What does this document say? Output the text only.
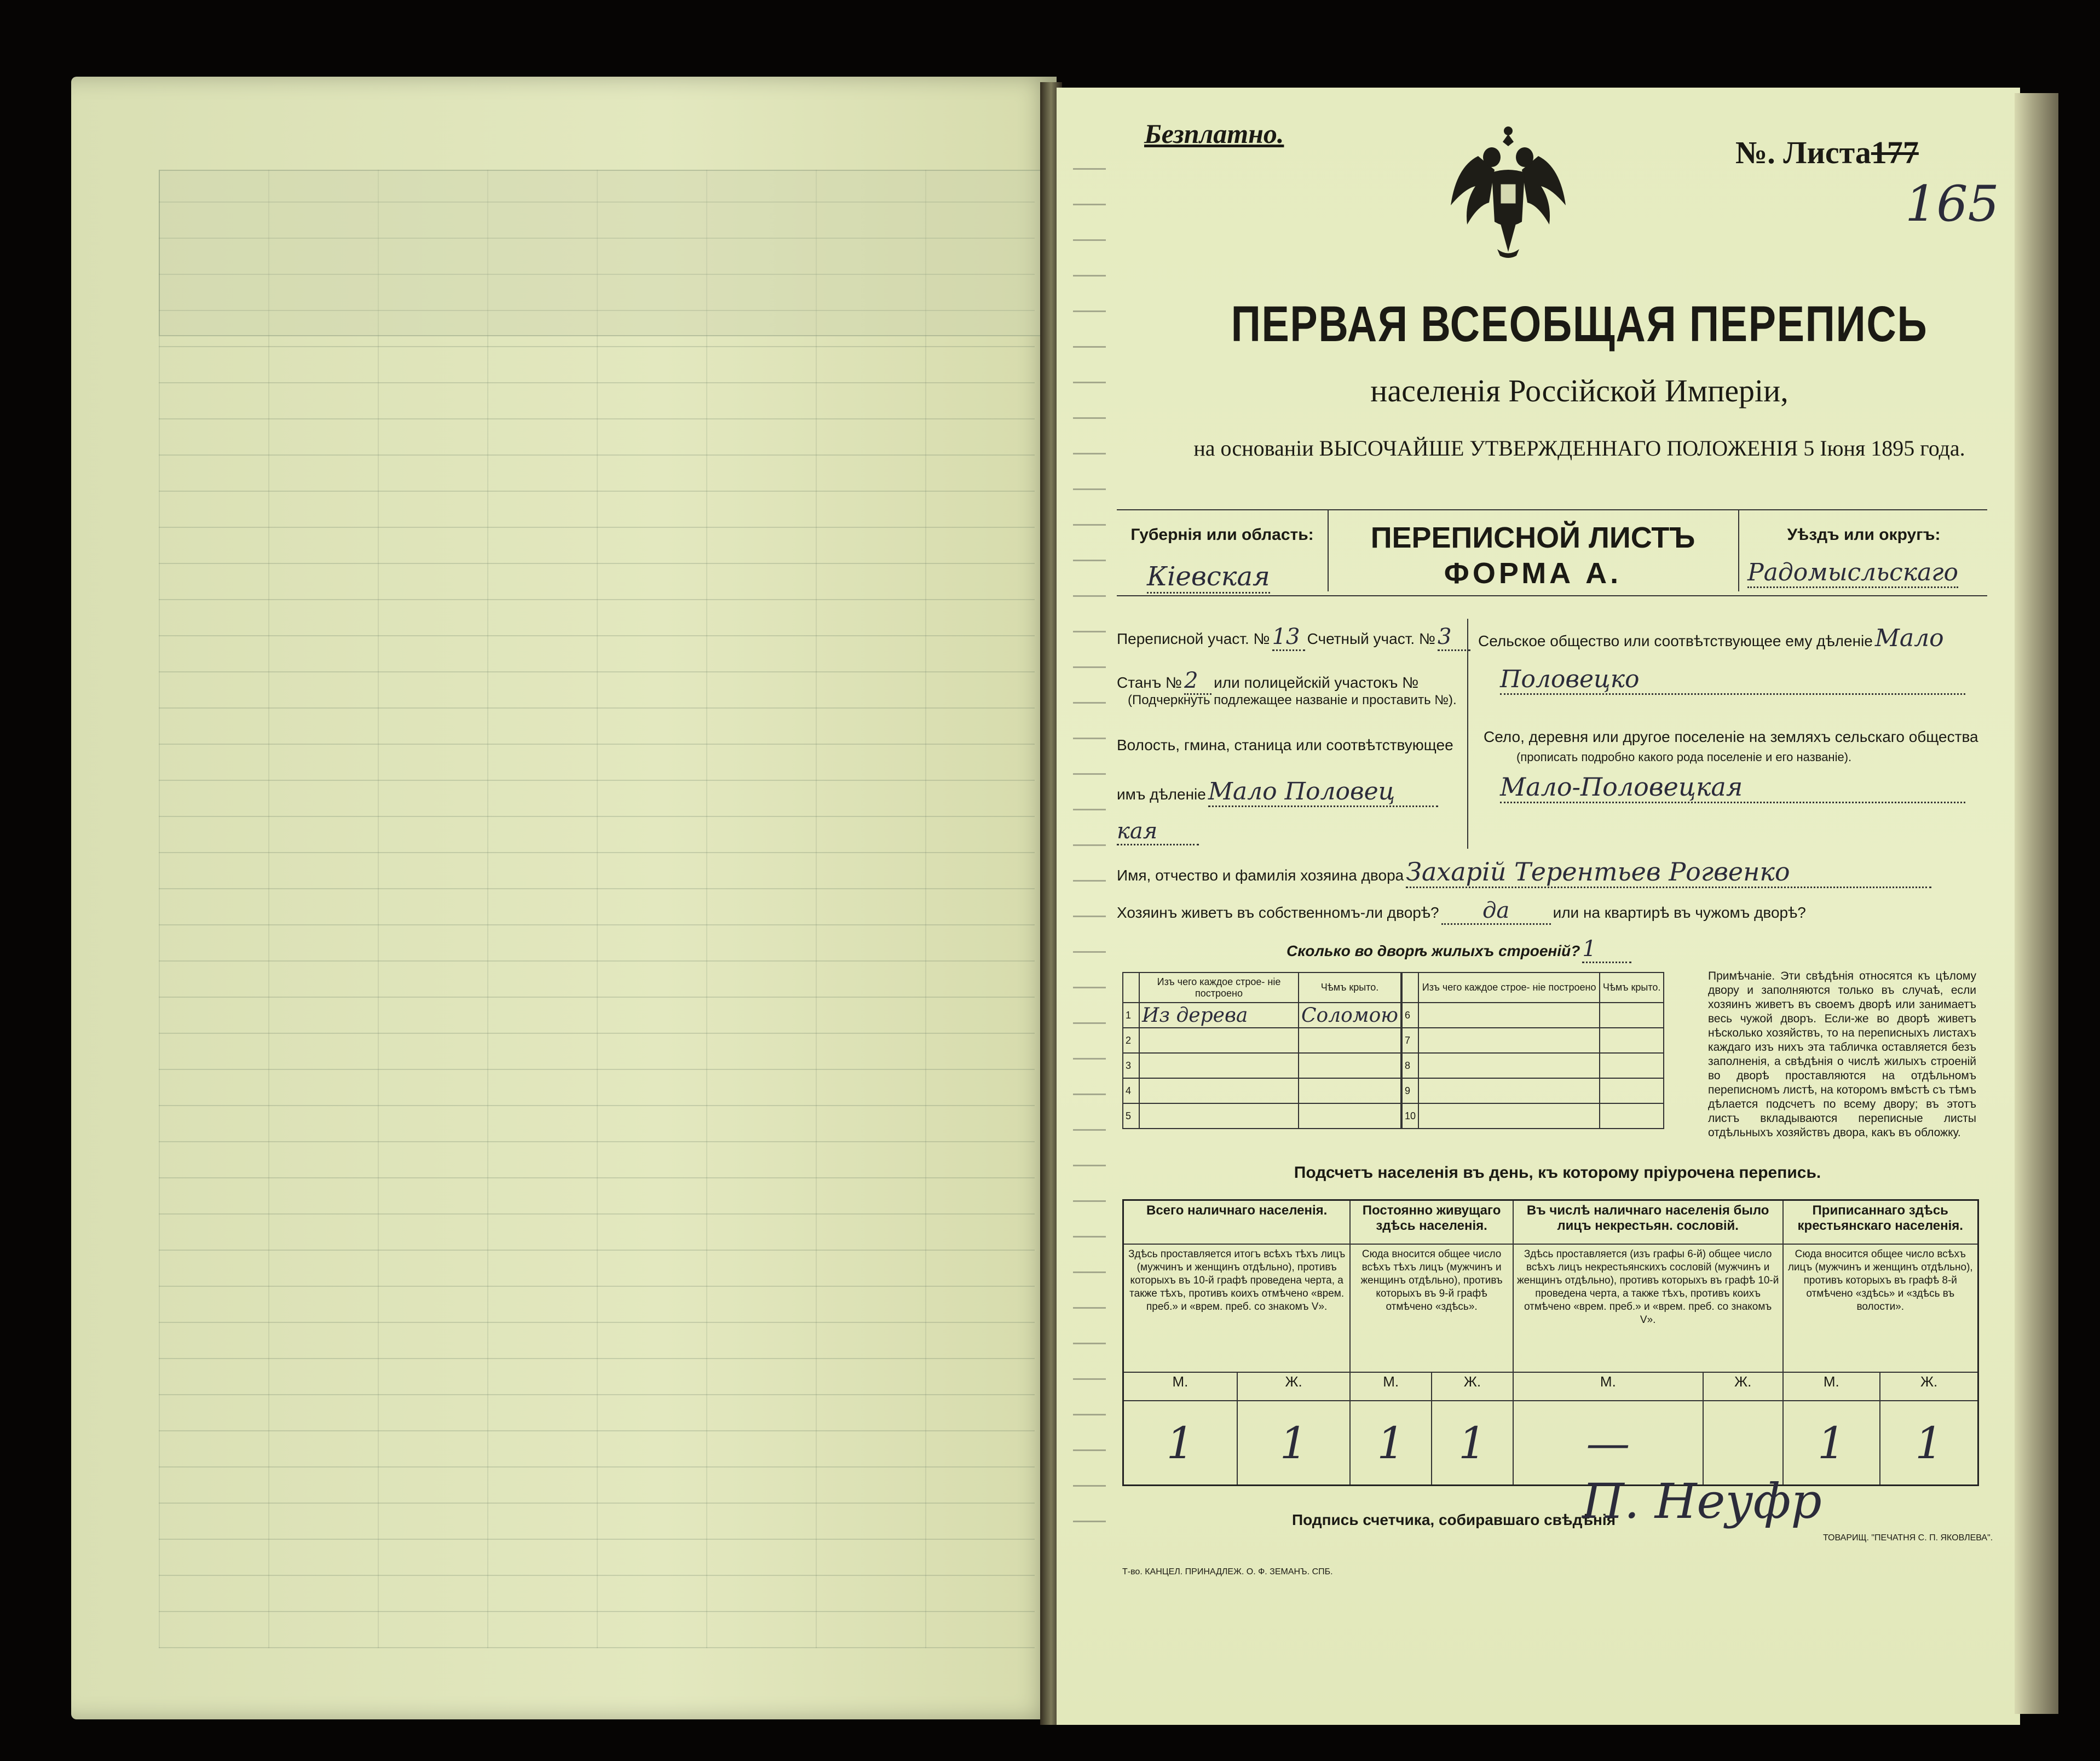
Безплатно.
№. Листа177
165
ПЕРВАЯ ВСЕОБЩАЯ ПЕРЕПИСЬ
населенія Россійской Имперіи,
на основаніи ВЫСОЧАЙШЕ УТВЕРЖДЕННАГО ПОЛОЖЕНІЯ 5 Іюня 1895 года.
Губернія или область:
Кіевская
ПЕРЕПИСНОЙ ЛИСТЪ
ФОРМА А.
Уѣздъ или округъ:
Радомысльскаго
Переписной участ. № 13 Счетный участ. № 3
Станъ № 2 или полицейскій участокъ №
(Подчеркнуть подлежащее названіе и проставить №).
Волость, гмина, станица или соотвѣтствующее
имъ дѣленіе Мало Половец
кая
Сельское общество или соотвѣтствующее ему дѣленіе Мало
Половецко
Село, деревня или другое поселеніе на земляхъ сельскаго общества
(прописать подробно какого рода поселеніе и его названіе).
Мало-Половецкая
Имя, отчество и фамилія хозяина двора Захарій Терентьев Рогвенко
Хозяинъ живетъ въ собственномъ-ли дворѣ? да	или на квартирѣ въ чужомъ дворѣ?
Сколько во дворѣ жилыхъ строеній? 1
	Изъ чего каждое строе- ніе построено	Чѣмъ крыто.
1	Из дерева	Соломою
2		
3		
4		
5		
	Изъ чего каждое строе- ніе построено	Чѣмъ крыто.
6		
7		
8		
9		
10		
Примѣчаніе. Эти свѣдѣнія относятся къ цѣлому двору и заполняются только въ случаѣ, если хозяинъ живетъ въ своемъ дворѣ или занимаетъ весь чужой дворъ. Если-же во дворѣ живетъ нѣсколько хозяйствъ, то на переписныхъ листахъ каждаго изъ нихъ эта табличка оставляется безъ заполненія, а свѣдѣнія о числѣ жилыхъ строеній во дворѣ проставляются на отдѣльномъ переписномъ листѣ, на которомъ вмѣстѣ съ тѣмъ дѣлается подсчетъ по всему двору; въ этотъ листъ вкладываются переписные листы отдѣльныхъ хозяйствъ двора, какъ въ обложку.
Подсчетъ населенія въ день, къ которому пріурочена перепись.
Всего наличнаго населенія.		Постоянно живущаго здѣсь населенія.		Въ числѣ наличнаго населенія было лицъ некрестьян. сословій.		Приписаннаго здѣсь крестьянскаго населенія.	
Здѣсь проставляется итогъ всѣхъ тѣхъ лицъ (мужчинъ и женщинъ отдѣльно), противъ которыхъ въ 10-й графѣ проведена черта, а также тѣхъ, противъ коихъ отмѣчено «врем. преб.» и «врем. преб. со знакомъ V».		Сюда вносится общее число всѣхъ тѣхъ лицъ (мужчинъ и женщинъ отдѣльно), противъ которыхъ въ 9-й графѣ отмѣчено «здѣсь».		Здѣсь проставляется (изъ графы 6-й) общее число всѣхъ лицъ некрестьянскихъ сословій (мужчинъ и женщинъ отдѣльно), противъ которыхъ въ графѣ 10-й проведена черта, а также тѣхъ, противъ коихъ отмѣчено «врем. преб.» и «врем. преб. со знакомъ V».		Сюда вносится общее число всѣхъ лицъ (мужчинъ и женщинъ отдѣльно), противъ которыхъ въ графѣ 8-й отмѣчено «здѣсь» и «здѣсь въ волости».	
М.	Ж.	М.	Ж.	М.	Ж.	М.	Ж.
1	1	1	1	—		1	1
Подпись счетчика, собиравшаго свѣдѣнія
П. Неуфр
Т-во. КАНЦЕЛ. ПРИНАДЛЕЖ. О. Ф. ЗЕМАНЪ. СПБ.
ТОВАРИЩ. "ПЕЧАТНЯ С. П. ЯКОВЛЕВА".
